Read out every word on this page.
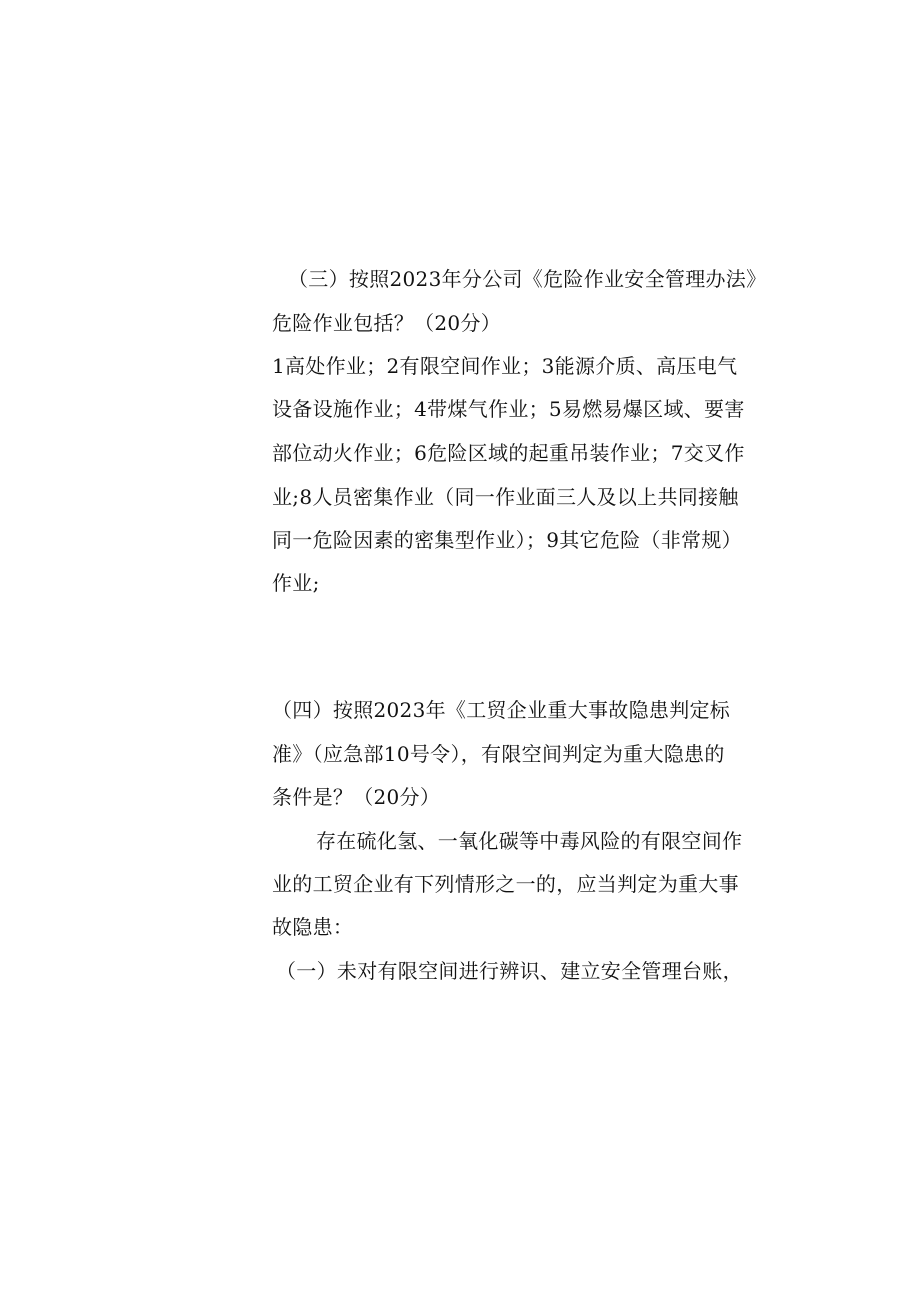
（三）按照2023年分公司《危险作业安全管理办法》
危险作业包括？（20分）
1高处作业；2有限空间作业；3能源介质、高压电气
设备设施作业；4带煤气作业；5易燃易爆区域、要害
部位动火作业；6危险区域的起重吊装作业；7交叉作
业;8人员密集作业（同一作业面三人及以上共同接触
同一危险因素的密集型作业）；9其它危险（非常规）
作业;
（四）按照2023年《工贸企业重大事故隐患判定标
准》（应急部10号令），有限空间判定为重大隐患的
条件是？（20分）
存在硫化氢、一氧化碳等中毒风险的有限空间作
业的工贸企业有下列情形之一的，应当判定为重大事
故隐患：
（一）未对有限空间进行辨识、建立安全管理台账，
